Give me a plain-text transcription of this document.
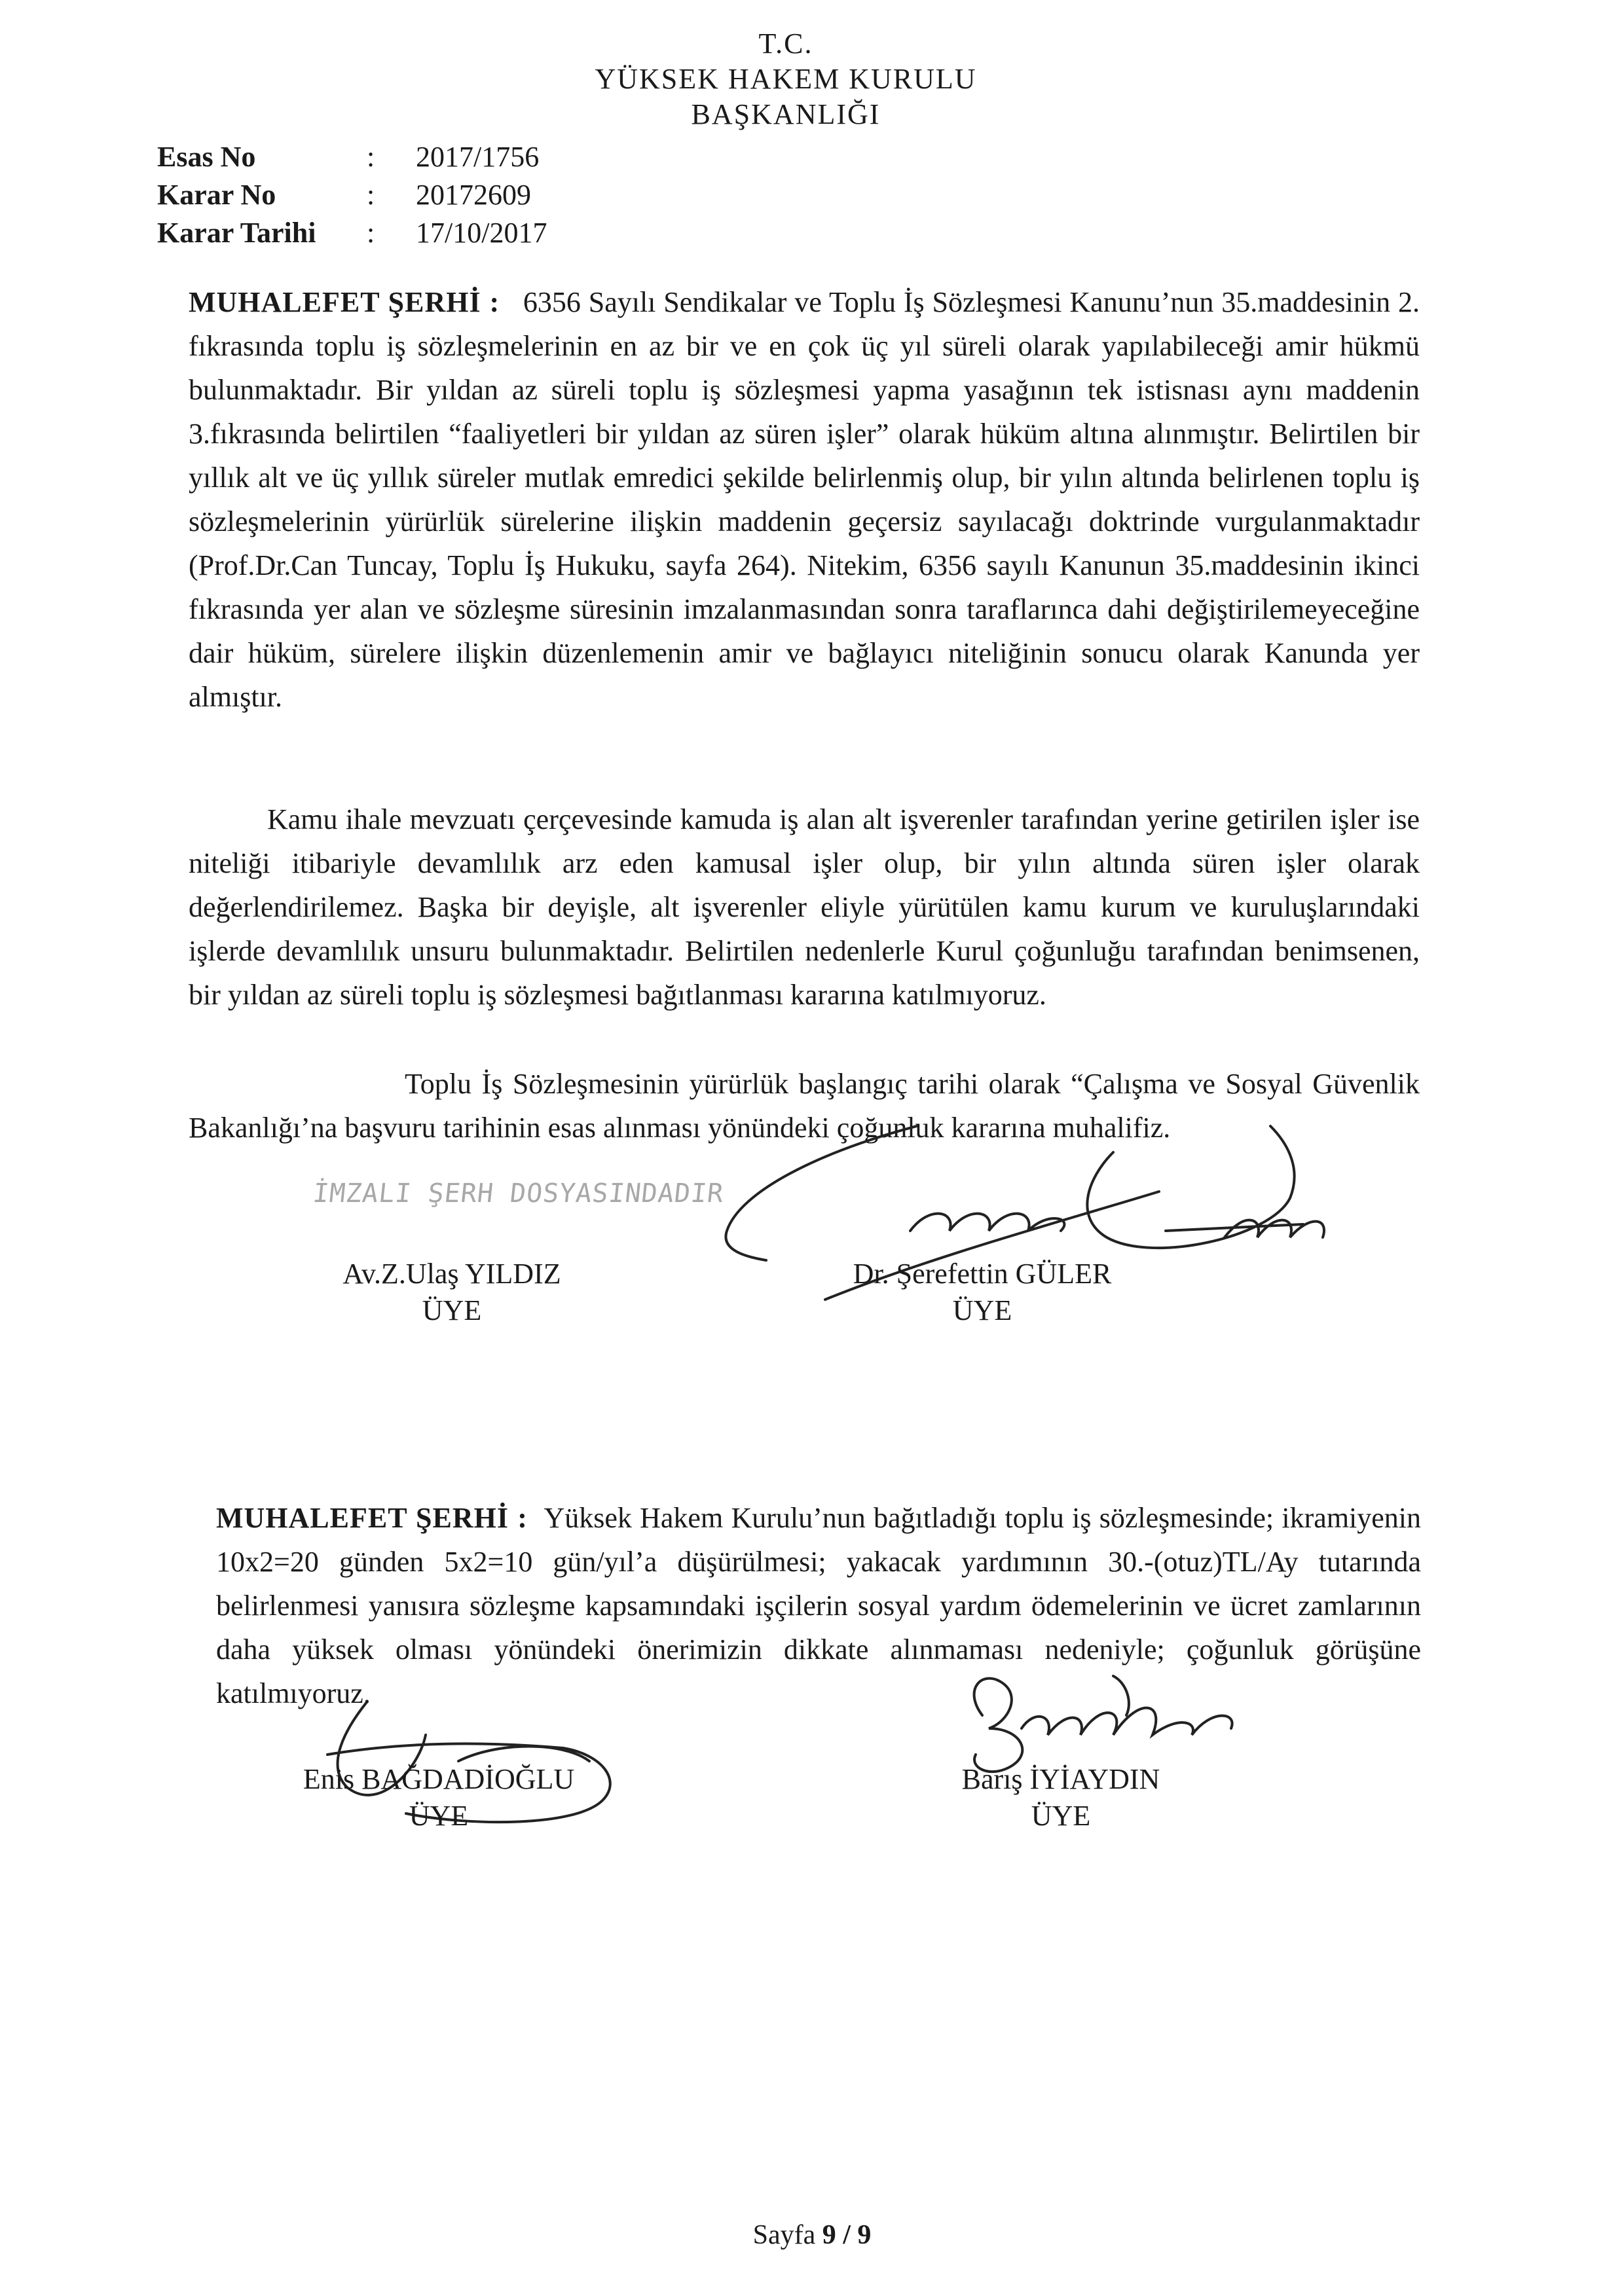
T.C.
YÜKSEK HAKEM KURULU
BAŞKANLIĞI
Esas No	:	2017/1756
Karar No	:	20172609
Karar Tarihi	:	17/10/2017
MUHALEFET ŞERHİ : 6356 Sayılı Sendikalar ve Toplu İş Sözleşmesi Kanunu’nun 35.maddesinin 2. fıkrasında toplu iş sözleşmelerinin en az bir ve en çok üç yıl süreli olarak yapılabileceği amir hükmü bulunmaktadır. Bir yıldan az süreli toplu iş sözleşmesi yapma yasağının tek istisnası aynı maddenin 3.fıkrasında belirtilen “faaliyetleri bir yıldan az süren işler” olarak hüküm altına alınmıştır. Belirtilen bir yıllık alt ve üç yıllık süreler mutlak emredici şekilde belirlenmiş olup, bir yılın altında belirlenen toplu iş sözleşmelerinin yürürlük sürelerine ilişkin maddenin geçersiz sayılacağı doktrinde vurgulanmaktadır (Prof.Dr.Can Tuncay, Toplu İş Hukuku, sayfa 264). Nitekim, 6356 sayılı Kanunun 35.maddesinin ikinci fıkrasında yer alan ve sözleşme süresinin imzalanmasından sonra taraflarınca dahi değiştirilemeyeceğine dair hüküm, sürelere ilişkin düzenlemenin amir ve bağlayıcı niteliğinin sonucu olarak Kanunda yer almıştır.
Kamu ihale mevzuatı çerçevesinde kamuda iş alan alt işverenler tarafından yerine getirilen işler ise niteliği itibariyle devamlılık arz eden kamusal işler olup, bir yılın altında süren işler olarak değerlendirilemez. Başka bir deyişle, alt işverenler eliyle yürütülen kamu kurum ve kuruluşlarındaki işlerde devamlılık unsuru bulunmaktadır. Belirtilen nedenlerle Kurul çoğunluğu tarafından benimsenen, bir yıldan az süreli toplu iş sözleşmesi bağıtlanması kararına katılmıyoruz.
Toplu İş Sözleşmesinin yürürlük başlangıç tarihi olarak “Çalışma ve Sosyal Güvenlik Bakanlığı’na başvuru tarihinin esas alınması yönündeki çoğunluk kararına muhalifiz.
İMZALI ŞERH DOSYASINDADIR
Av.Z.Ulaş YILDIZ
ÜYE
Dr. Şerefettin GÜLER
ÜYE
MUHALEFET ŞERHİ : Yüksek Hakem Kurulu’nun bağıtladığı toplu iş sözleşmesinde; ikramiyenin 10x2=20 günden 5x2=10 gün/yıl’a düşürülmesi; yakacak yardımının 30.-(otuz)TL/Ay tutarında belirlenmesi yanısıra sözleşme kapsamındaki işçilerin sosyal yardım ödemelerinin ve ücret zamlarının daha yüksek olması yönündeki önerimizin dikkate alınmaması nedeniyle; çoğunluk görüşüne katılmıyoruz.
Enis BAĞDADİOĞLU
ÜYE
Barış İYİAYDIN
ÜYE
Sayfa 9 / 9
